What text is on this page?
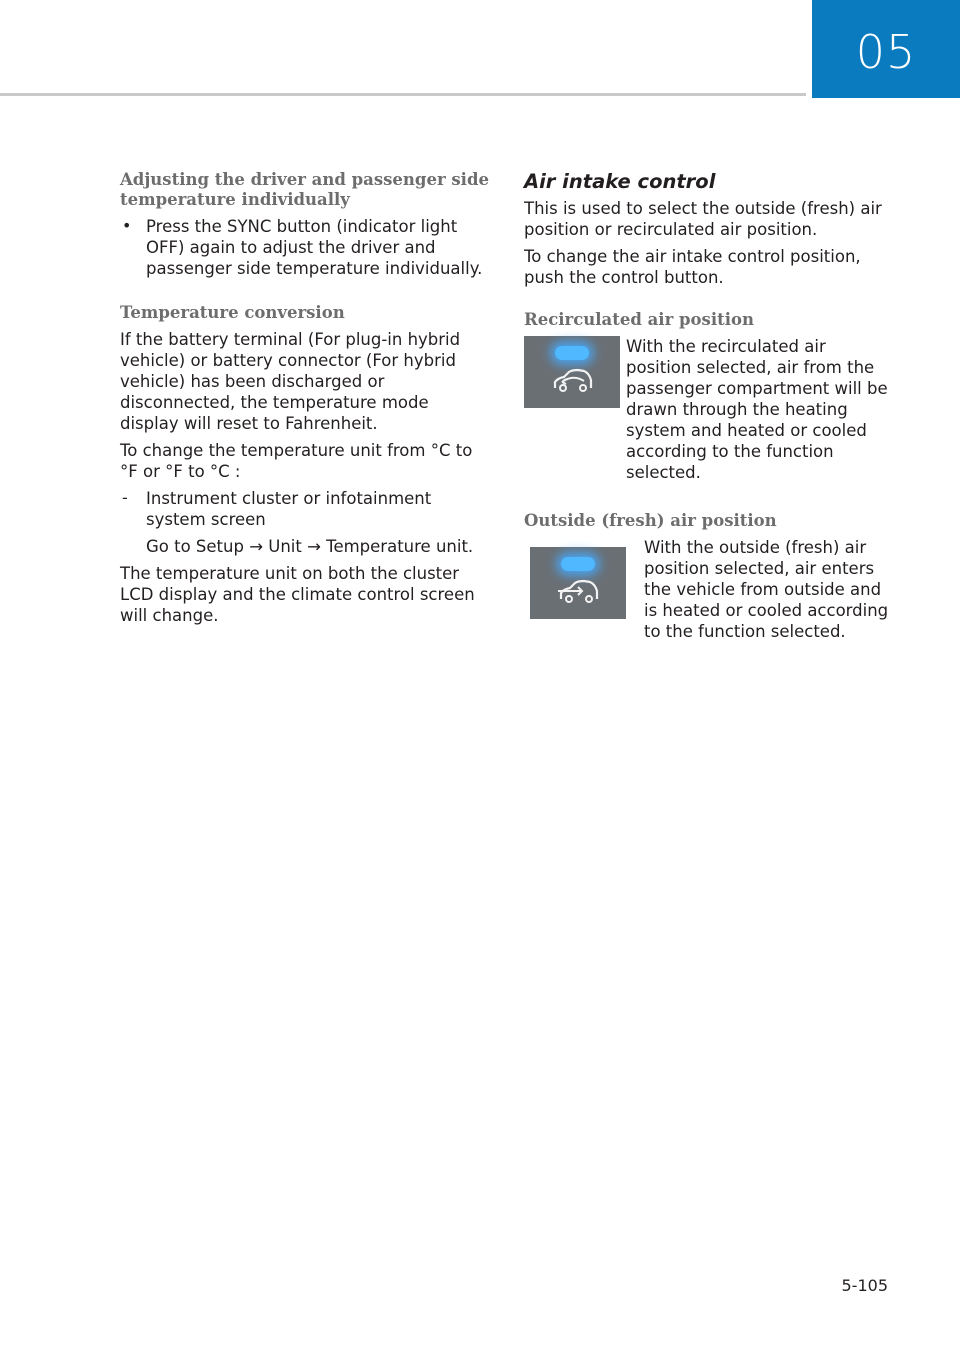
05
Adjusting the driver and passenger side temperature individually
• Press the SYNC button (indicator light OFF) again to adjust the driver and passenger side temperature individually.

Temperature conversion

If the battery terminal (For plug-in hybrid vehicle) or battery connector (For hybrid vehicle) has been discharged or disconnected, the temperature mode display will reset to Fahrenheit.

To change the temperature unit from °C to °F or °F to °C :

- Instrument cluster or infotainment system screen

Go to Setup → Unit → Temperature unit.

The temperature unit on both the cluster LCD display and the climate control screen will change.

Air intake control

This is used to select the outside (fresh) air position or recirculated air position.

To change the air intake control position, push the control button.

Recirculated air position

With the recirculated air position selected, air from the passenger compartment will be drawn through the heating system and heated or cooled according to the function selected.

Outside (fresh) air position

With the outside (fresh) air position selected, air enters the vehicle from outside and is heated or cooled according to the function selected.

5-105
